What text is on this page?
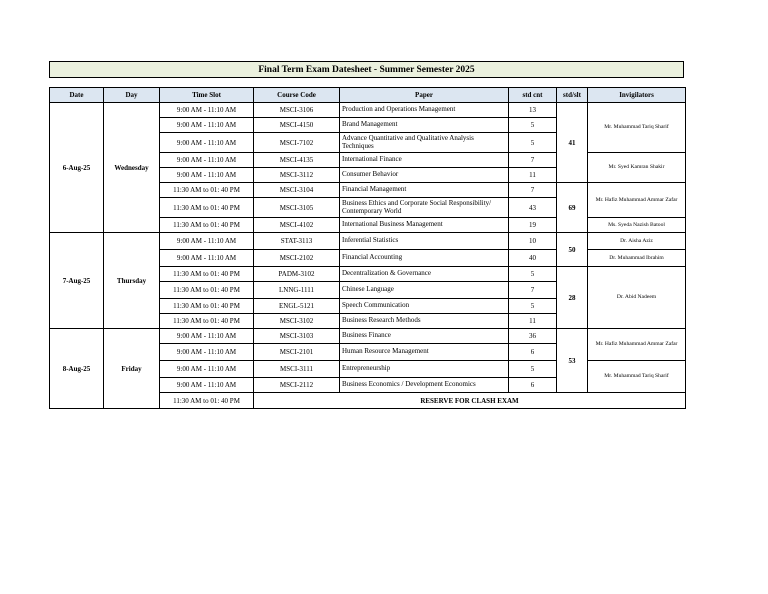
Final Term Exam Datesheet - Summer Semester 2025
Date	Day	Time Slot	Course Code	Paper	std cnt	std/slt	Invigilators
6-Aug-25	Wednesday	9:00 AM - 11:10 AM	MSCI-3106	Production and Operations Management	13	41	Mr. Muhammad Tariq Sharif
		9:00 AM - 11:10 AM	MSCI-4150	Brand Management	5		
		9:00 AM - 11:10 AM	MSCI-7102	Advance Quantitative and Qualitative Analysis Techniques	5		
		9:00 AM - 11:10 AM	MSCI-4135	International Finance	7		Mr. Syed Kamran Shakir
		9:00 AM - 11:10 AM	MSCI-3112	Consumer Behavior	11		
		11:30 AM to 01: 40 PM	MSCI-3104	Financial Management	7	69	Mr. Hafiz Muhammad Ammar Zafar
		11:30 AM to 01: 40 PM	MSCI-3105	Business Ethics and Corporate Social Responsibility/ Contemporary World	43		
		11:30 AM to 01: 40 PM	MSCI-4102	International Business Management	19		Ms. Syeda Nazish Batool
7-Aug-25	Thursday	9:00 AM - 11:10 AM	STAT-3113	Inferential Statistics	10	50	Dr. Aisha Aziz
		9:00 AM - 11:10 AM	MSCI-2102	Financial Accounting	40		Dr. Muhammad Ibrahim
		11:30 AM to 01: 40 PM	PADM-3102	Decentralization & Governance	5	28	Dr. Abid Nadeem
		11:30 AM to 01: 40 PM	LNNG-1111	Chinese Language	7		
		11:30 AM to 01: 40 PM	ENGL-5121	Speech Communication	5		
		11:30 AM to 01: 40 PM	MSCI-3102	Business Research Methods	11		
8-Aug-25	Friday	9:00 AM - 11:10 AM	MSCI-3103	Business Finance	36	53	Mr. Hafiz Muhammad Ammar Zafar
		9:00 AM - 11:10 AM	MSCI-2101	Human Resource Management	6		
		9:00 AM - 11:10 AM	MSCI-3111	Entrepreneurship	5		Mr. Muhammad Tariq Sharif
		9:00 AM - 11:10 AM	MSCI-2112	Business Economics / Development Economics	6		
		11:30 AM to 01: 40 PM	RESERVE FOR CLASH EXAM				
